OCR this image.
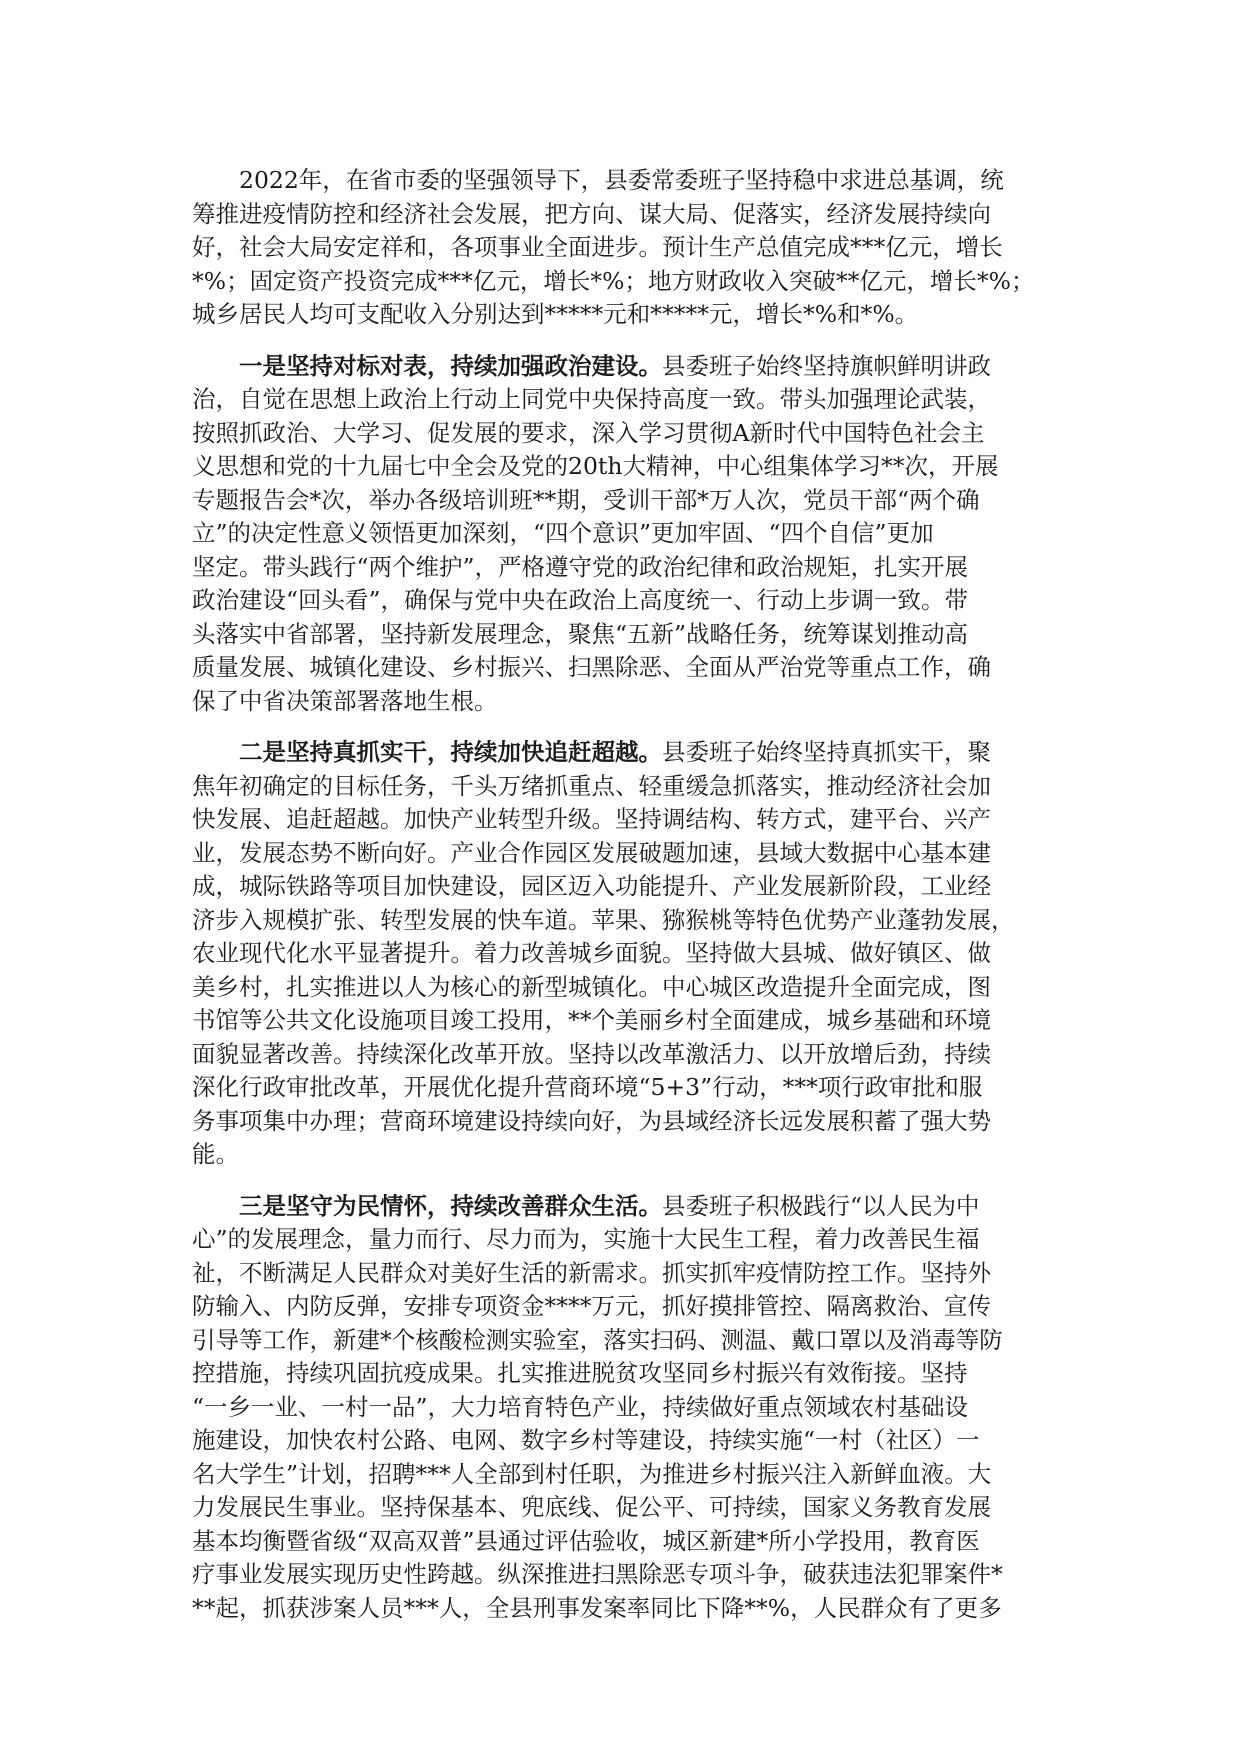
2022年，在省市委的坚强领导下，县委常委班子坚持稳中求进总基调，统
筹推进疫情防控和经济社会发展，把方向、谋大局、促落实，经济发展持续向
好，社会大局安定祥和，各项事业全面进步。预计生产总值完成***亿元，增长
*%；固定资产投资完成***亿元，增长*%；地方财政收入突破**亿元，增长*%；
城乡居民人均可支配收入分别达到*****元和*****元，增长*%和*%。
一是坚持对标对表，持续加强政治建设。县委班子始终坚持旗帜鲜明讲政
治，自觉在思想上政治上行动上同党中央保持高度一致。带头加强理论武装，
按照抓政治、大学习、促发展的要求，深入学习贯彻A新时代中国特色社会主
义思想和党的十九届七中全会及党的20th大精神，中心组集体学习**次，开展
专题报告会*次，举办各级培训班**期，受训干部*万人次，党员干部“两个确
立”的决定性意义领悟更加深刻，“四个意识”更加牢固、“四个自信”更加
坚定。带头践行“两个维护”，严格遵守党的政治纪律和政治规矩，扎实开展
政治建设“回头看”，确保与党中央在政治上高度统一、行动上步调一致。带
头落实中省部署，坚持新发展理念，聚焦“五新”战略任务，统筹谋划推动高
质量发展、城镇化建设、乡村振兴、扫黑除恶、全面从严治党等重点工作，确
保了中省决策部署落地生根。
二是坚持真抓实干，持续加快追赶超越。县委班子始终坚持真抓实干，聚
焦年初确定的目标任务，千头万绪抓重点、轻重缓急抓落实，推动经济社会加
快发展、追赶超越。加快产业转型升级。坚持调结构、转方式，建平台、兴产
业，发展态势不断向好。产业合作园区发展破题加速，县域大数据中心基本建
成，城际铁路等项目加快建设，园区迈入功能提升、产业发展新阶段，工业经
济步入规模扩张、转型发展的快车道。苹果、猕猴桃等特色优势产业蓬勃发展，
农业现代化水平显著提升。着力改善城乡面貌。坚持做大县城、做好镇区、做
美乡村，扎实推进以人为核心的新型城镇化。中心城区改造提升全面完成，图
书馆等公共文化设施项目竣工投用，**个美丽乡村全面建成，城乡基础和环境
面貌显著改善。持续深化改革开放。坚持以改革激活力、以开放增后劲，持续
深化行政审批改革，开展优化提升营商环境“5+3”行动，***项行政审批和服
务事项集中办理；营商环境建设持续向好，为县域经济长远发展积蓄了强大势
能。
三是坚守为民情怀，持续改善群众生活。县委班子积极践行“以人民为中
心”的发展理念，量力而行、尽力而为，实施十大民生工程，着力改善民生福
祉，不断满足人民群众对美好生活的新需求。抓实抓牢疫情防控工作。坚持外
防输入、内防反弹，安排专项资金****万元，抓好摸排管控、隔离救治、宣传
引导等工作，新建*个核酸检测实验室，落实扫码、测温、戴口罩以及消毒等防
控措施，持续巩固抗疫成果。扎实推进脱贫攻坚同乡村振兴有效衔接。坚持
“一乡一业、一村一品”，大力培育特色产业，持续做好重点领域农村基础设
施建设，加快农村公路、电网、数字乡村等建设，持续实施“一村（社区）一
名大学生”计划，招聘***人全部到村任职，为推进乡村振兴注入新鲜血液。大
力发展民生事业。坚持保基本、兜底线、促公平、可持续，国家义务教育发展
基本均衡暨省级“双高双普”县通过评估验收，城区新建*所小学投用，教育医
疗事业发展实现历史性跨越。纵深推进扫黑除恶专项斗争，破获违法犯罪案件*
**起，抓获涉案人员***人，全县刑事发案率同比下降**%，人民群众有了更多
